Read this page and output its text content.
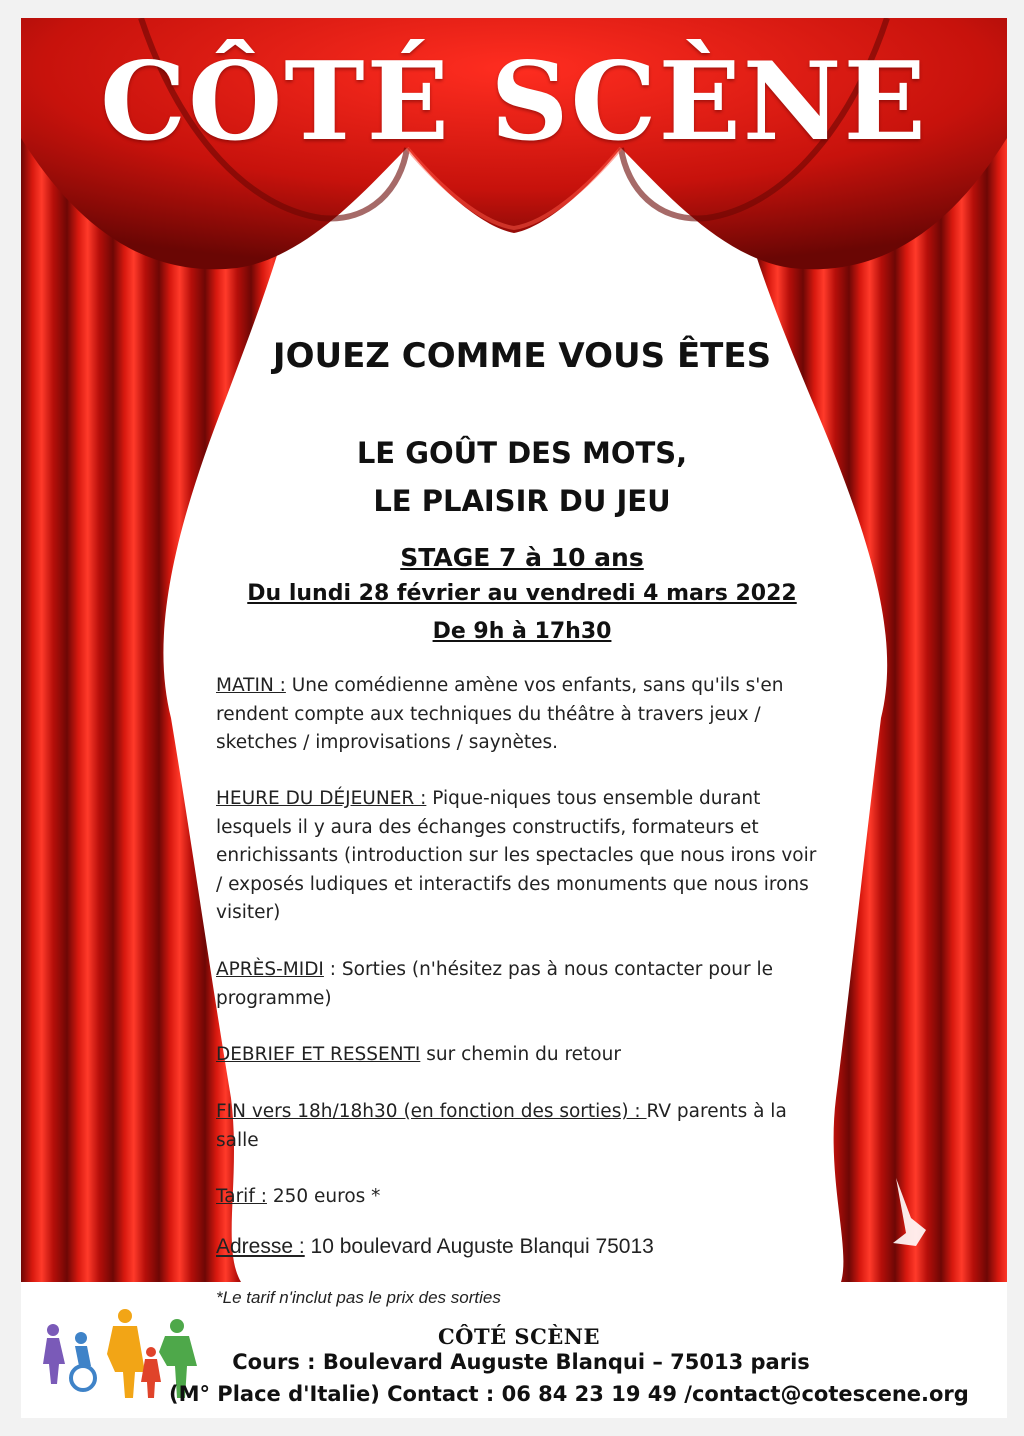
CÔTÉ SCÈNE
JOUEZ COMME VOUS ÊTES
LE GOÛT DES MOTS,
LE PLAISIR DU JEU
STAGE 7 à 10 ans
Du lundi 28 février au vendredi 4 mars 2022
De 9h à 17h30

MATIN : Une comédienne amène vos enfants, sans qu'ils s'en rendent compte aux techniques du théâtre à travers jeux / sketches / improvisations / saynètes.

HEURE DU DÉJEUNER : Pique-niques tous ensemble durant lesquels il y aura des échanges constructifs, formateurs et enrichissants (introduction sur les spectacles que nous irons voir / exposés ludiques et interactifs des monuments que nous irons visiter)

APRÈS-MIDI : Sorties (n'hésitez pas à nous contacter pour le programme)

DEBRIEF ET RESSENTI sur chemin du retour

FIN vers 18h/18h30 (en fonction des sorties) : RV parents à la salle

Tarif : 250 euros *

Adresse : 10 boulevard Auguste Blanqui 75013

*Le tarif n'inclut pas le prix des sorties

CÔTÉ SCÈNE
Cours : Boulevard Auguste Blanqui – 75013 paris
(M° Place d'Italie) Contact : 06 84 23 19 49 /contact@cotescene.org
